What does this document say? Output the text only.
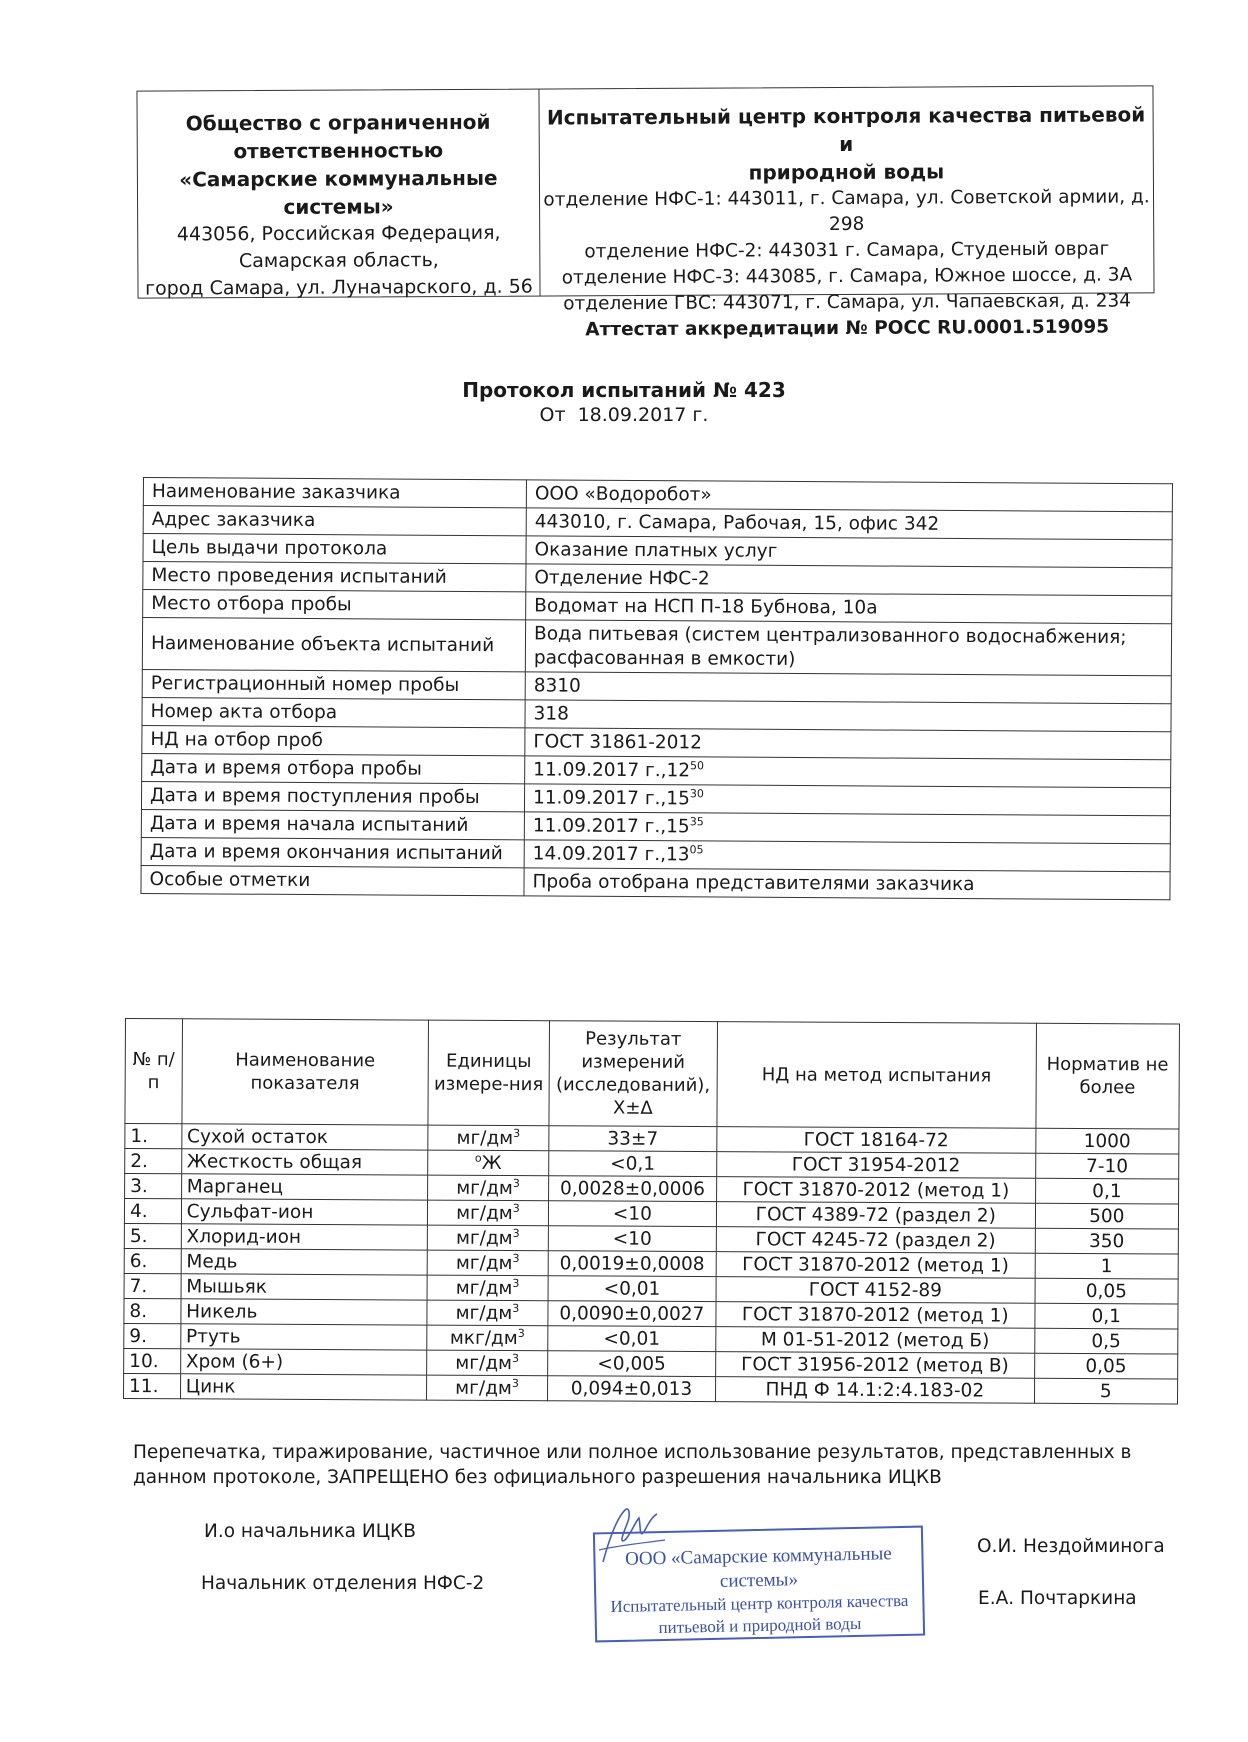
Общество с ограниченной
ответственностью
«Самарские коммунальные
системы»
443056, Российская Федерация,
Самарская область,
город Самара, ул. Луначарского, д. 56
Испытательный центр контроля качества питьевой и
природной воды
отделение НФС-1: 443011, г. Самара, ул. Советской армии, д.
298
отделение НФС-2: 443031 г. Самара, Студеный овраг
отделение НФС-3: 443085, г. Самара, Южное шоссе, д. 3А
отделение ГВС: 443071, г. Самара, ул. Чапаевская, д. 234
Аттестат аккредитации № РОСС RU.0001.519095
Протокол испытаний № 423
От 18.09.2017 г.
Наименование заказчика	ООО «Водоробот»
Адрес заказчика	443010, г. Самара, Рабочая, 15, офис 342
Цель выдачи протокола	Оказание платных услуг
Место проведения испытаний	Отделение НФС-2
Место отбора пробы	Водомат на НСП П-18 Бубнова, 10а
Наименование объекта испытаний	Вода питьевая (систем централизованного водоснабжения; расфасованная в емкости)
Регистрационный номер пробы	8310
Номер акта отбора	318
НД на отбор проб	ГОСТ 31861-2012
Дата и время отбора пробы	11.09.2017 г.,12$^{50}$
Дата и время поступления пробы	11.09.2017 г.,15$^{30}$
Дата и время начала испытаний	11.09.2017 г.,15$^{35}$
Дата и время окончания испытаний	14.09.2017 г.,13$^{05}$
Особые отметки	Проба отобрана представителями заказчика
№ п/п	Наименование показателя	Единицы измере-ния	Результат измерений (исследований), Х±Δ	НД на метод испытания	Норматив не более
1.	Сухой остаток	$мг/дм^3$	33±7	ГОСТ 18164-72	1000
2.	Жесткость общая	$^о$Ж	<0,1	ГОСТ 31954-2012	7-10
3.	Марганец	$мг/дм^3$	0,0028±0,0006	ГОСТ 31870-2012 (метод 1)	0,1
4.	Сульфат-ион	$мг/дм^3$	<10	ГОСТ 4389-72 (раздел 2)	500
5.	Хлорид-ион	$мг/дм^3$	<10	ГОСТ 4245-72 (раздел 2)	350
6.	Медь	$мг/дм^3$	0,0019±0,0008	ГОСТ 31870-2012 (метод 1)	1
7.	Мышьяк	$мг/дм^3$	<0,01	ГОСТ 4152-89	0,05
8.	Никель	$мг/дм^3$	0,0090±0,0027	ГОСТ 31870-2012 (метод 1)	0,1
9.	Ртуть	мкг/$дм^3$	<0,01	М 01-51-2012 (метод Б)	0,5
10.	Хром (6+)	$мг/дм^3$	<0,005	ГОСТ 31956-2012 (метод В)	0,05
11.	Цинк	$мг/дм^3$	0,094±0,013	ПНД Ф 14.1:2:4.183-02	5
Перепечатка, тиражирование, частичное или полное использование результатов, представленных в данном протоколе, ЗАПРЕЩЕНО без официального разрешения начальника ИЦКВ
И.о начальника ИЦКВ
О.И. Нездойминога
Начальник отделения НФС-2
Е.А. Почтаркина
ООО «Самарские коммунальные системы»
Испытательный центр контроля качества
питьевой и природной воды
